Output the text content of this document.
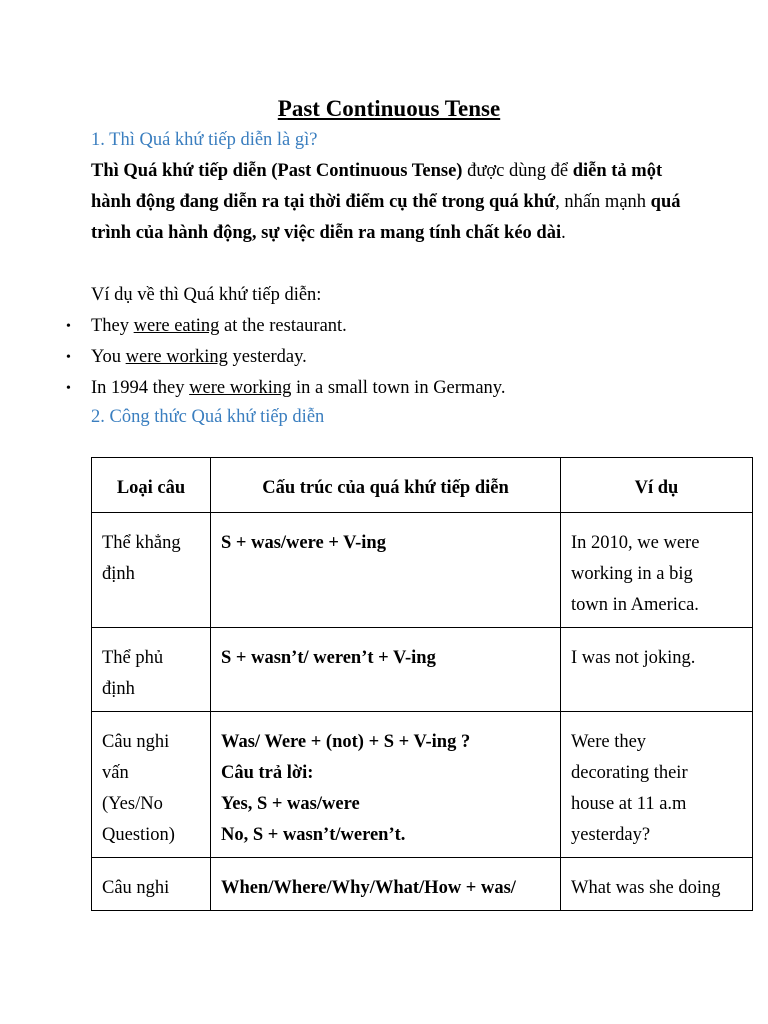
Past Continuous Tense
1. Thì Quá khứ tiếp diễn là gì?
Thì Quá khứ tiếp diễn (Past Continuous Tense) được dùng để diễn tả một hành động đang diễn ra tại thời điểm cụ thể trong quá khứ, nhấn mạnh quá trình của hành động, sự việc diễn ra mang tính chất kéo dài.
Ví dụ về thì Quá khứ tiếp diễn:
• They were eating at the restaurant.
• You were working yesterday.
• In 1994 they were working in a small town in Germany.
2. Công thức Quá khứ tiếp diễn
Loại câu	Cấu trúc của quá khứ tiếp diễn	Ví dụ

Thể khẳng
định	S + was/were + V-ing	In 2010, we were
working in a big
town in America.

Thể phủ
định	S + wasn’t/ weren’t + V-ing	I was not joking.

Câu nghi
vấn
(Yes/No
Question)	Was/ Were + (not) + S + V-ing ?
Câu trả lời:
Yes, S + was/were
No, S + wasn’t/weren’t.	Were they
decorating their
house at 11 a.m
yesterday?

Câu nghi	When/Where/Why/What/How + was/	What was she doing
